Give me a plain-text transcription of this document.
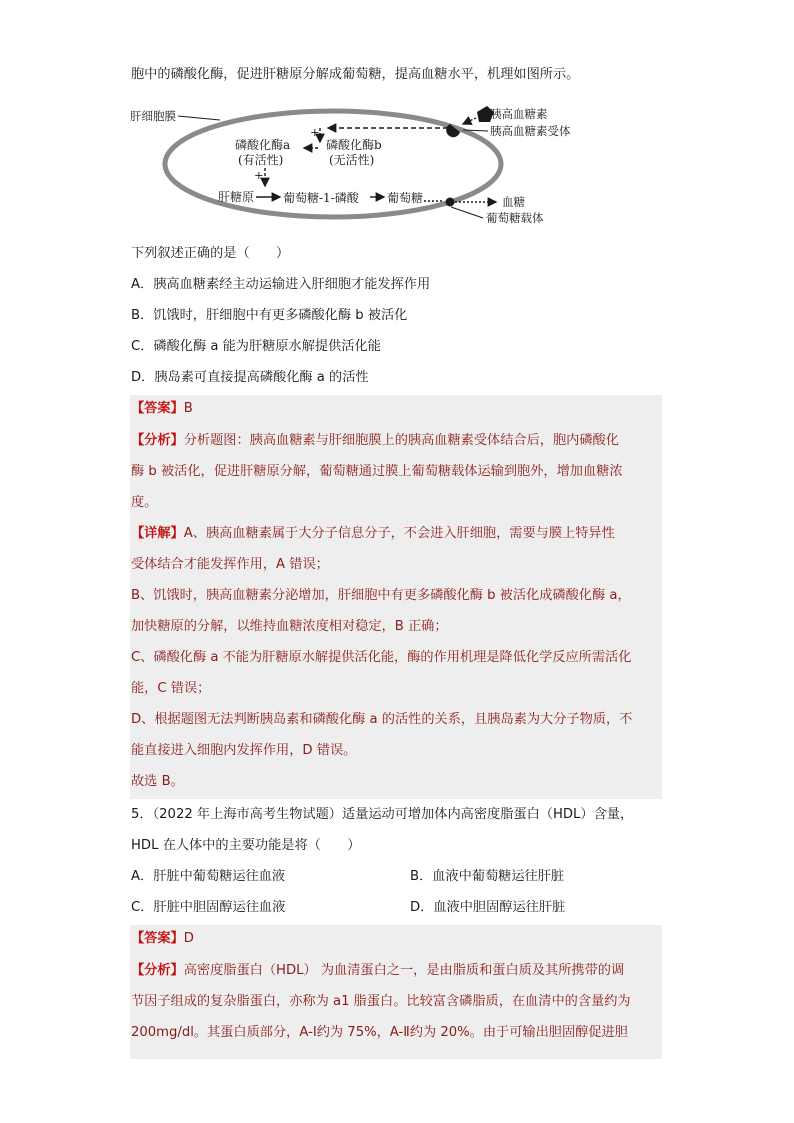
胞中的磷酸化酶，促进肝糖原分解成葡萄糖，提高血糖水平，机理如图所示。
肝细胞膜	胰高血糖素
胰高血糖素受体
+
磷酸化酶a
(有活性)
磷酸化酶b
(无活性)
+
肝糖原 葡萄糖-1-磷酸 葡萄糖	血糖
葡萄糖载体
下列叙述正确的是（　　）
A．胰高血糖素经主动运输进入肝细胞才能发挥作用
B．饥饿时，肝细胞中有更多磷酸化酶 b 被活化
C．磷酸化酶 a 能为肝糖原水解提供活化能
D．胰岛素可直接提高磷酸化酶 a 的活性
【答案】B
【分析】分析题图：胰高血糖素与肝细胞膜上的胰高血糖素受体结合后，胞内磷酸化
酶 b 被活化，促进肝糖原分解，葡萄糖通过膜上葡萄糖载体运输到胞外，增加血糖浓
度。
【详解】A、胰高血糖素属于大分子信息分子，不会进入肝细胞，需要与膜上特异性
受体结合才能发挥作用，A 错误；
B、饥饿时，胰高血糖素分泌增加，肝细胞中有更多磷酸化酶 b 被活化成磷酸化酶 a，
加快糖原的分解，以维持血糖浓度相对稳定，B 正确；
C、磷酸化酶 a 不能为肝糖原水解提供活化能，酶的作用机理是降低化学反应所需活化
能，C 错误；
D、根据题图无法判断胰岛素和磷酸化酶 a 的活性的关系，且胰岛素为大分子物质，不
能直接进入细胞内发挥作用，D 错误。
故选 B。
5．（2022 年上海市高考生物试题）适量运动可增加体内高密度脂蛋白（HDL）含量，
HDL 在人体中的主要功能是将（　　）
A．肝脏中葡萄糖运往血液	B．血液中葡萄糖运往肝脏
C．肝脏中胆固醇运往血液	D．血液中胆固醇运往肝脏
【答案】D
【分析】高密度脂蛋白（HDL） 为血清蛋白之一，是由脂质和蛋白质及其所携带的调
节因子组成的复杂脂蛋白，亦称为 a1 脂蛋白。比较富含磷脂质，在血清中的含量约为
200mg/dl。其蛋白质部分，A-Ⅰ约为 75%，A-Ⅱ约为 20%。由于可输出胆固醇促进胆
